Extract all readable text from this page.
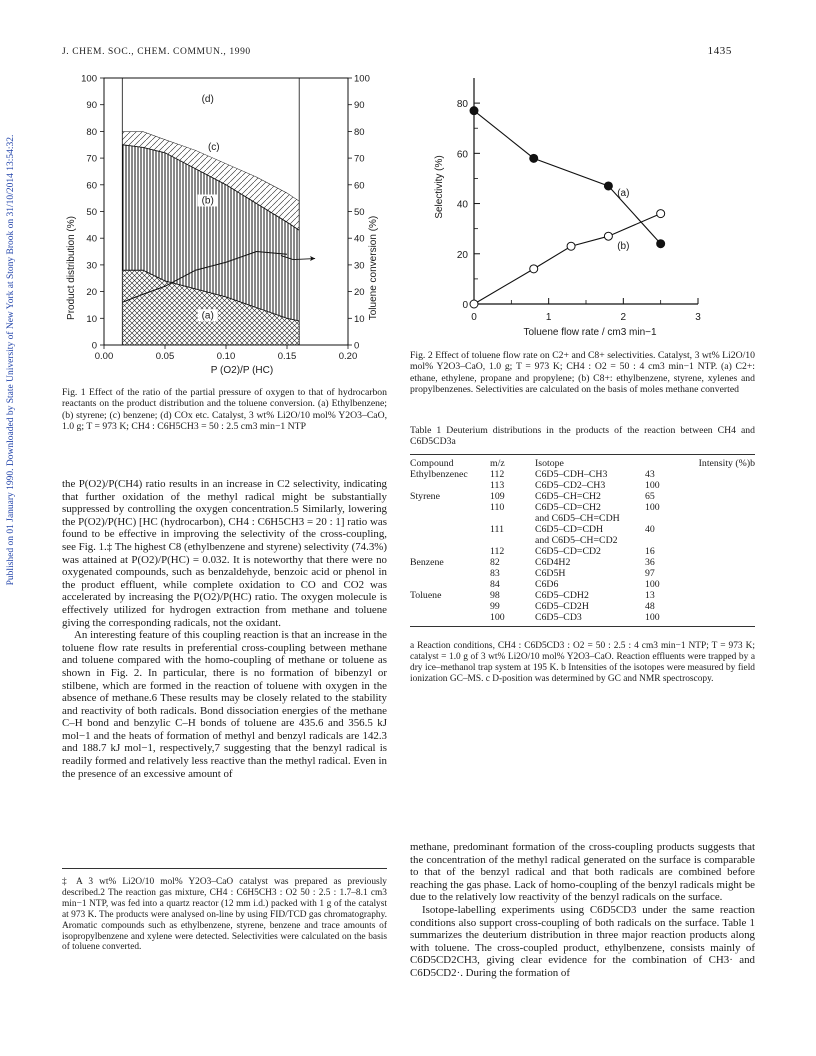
J. CHEM. SOC., CHEM. COMMUN., 1990	1435
Published on 01 January 1990. Downloaded by State University of New York at Stony Brook on 31/10/2014 13:54:32.	0	0
10	10
20	20
30	30
40	40
50	50
60	60
70	70
80	80
90	90
100	100
0.00	0.05	0.10	0.15	0.20
(a)
(b)
(c)
(d)
Product distribution (%)	Toluene conversion (%)
P (O2)/P (HC)
Fig. 1 Effect of the ratio of the partial pressure of oxygen to that of hydrocarbon reactants on the product distribution and the toluene conversion. (a) Ethylbenzene; (b) styrene; (c) benzene; (d) COx etc. Catalyst, 3 wt% Li2O/10 mol% Y2O3–CaO, 1.0 g; T = 973 K; CH4 : C6H5CH3 = 50 : 2.5 cm3 min−1 NTP
0
20
40
60
80
0	1	2	3
(a)
(b)
Selectivity (%)
Toluene flow rate / cm3 min−1
Fig. 2 Effect of toluene flow rate on C2+ and C8+ selectivities. Catalyst, 3 wt% Li2O/10 mol% Y2O3–CaO, 1.0 g; T = 973 K; CH4 : O2 = 50 : 4 cm3 min−1 NTP. (a) C2+: ethane, ethylene, propane and propylene; (b) C8+: ethylbenzene, styrene, xylenes and propylbenzenes. Selectivities are calculated on the basis of moles methane converted
Table 1 Deuterium distributions in the products of the reaction between CH4 and C6D5CD3a
Compound	m/z	Isotope	Intensity (%)b
Ethylbenzenec	112	C6D5–CDH–CH3	43
	113	C6D5–CD2–CH3	100
Styrene	109	C6D5–CH=CH2	65
	110	C6D5–CD=CH2	100
		and C6D5–CH=CDH	
	111	C6D5–CD=CDH	40
		and C6D5–CH=CD2	
	112	C6D5–CD=CD2	16
Benzene	82	C6D4H2	36
	83	C6D5H	97
	84	C6D6	100
Toluene	98	C6D5–CDH2	13
	99	C6D5–CD2H	48
	100	C6D5–CD3	100
a Reaction conditions, CH4 : C6D5CD3 : O2 = 50 : 2.5 : 4 cm3 min−1 NTP; T = 973 K; catalyst = 1.0 g of 3 wt% Li2O/10 mol% Y2O3–CaO. Reaction effluents were trapped by a dry ice–methanol trap system at 195 K. b Intensities of the isotopes were measured by field ionization GC–MS. c D-position was determined by GC and NMR spectroscopy.

the P(O2)/P(CH4) ratio results in an increase in C2 selectivity, indicating that further oxidation of the methyl radical might be substantially suppressed by controlling the oxygen concentration.5 Similarly, lowering the P(O2)/P(HC) [HC (hydrocarbon), CH4 : C6H5CH3 = 20 : 1] ratio was found to be effective in improving the selectivity of the cross-coupling, see Fig. 1.‡ The highest C8 (ethylbenzene and styrene) selectivity (74.3%) was attained at P(O2)/P(HC) = 0.032. It is noteworthy that there were no oxygenated compounds, such as benzaldehyde, benzoic acid or phenol in the product effluent, while complete oxidation to CO and CO2 was accelerated by increasing the P(O2)/P(HC) ratio. The oxygen molecule is effectively utilized for hydrogen extraction from methane and toluene giving the corresponding radicals, not the oxidant.

An interesting feature of this coupling reaction is that an increase in the toluene flow rate results in preferential cross-coupling between methane and toluene compared with the homo-coupling of methane or toluene as shown in Fig. 2. In particular, there is no formation of bibenzyl or stilbene, which are formed in the reaction of toluene with oxygen in the absence of methane.6 These results may be closely related to the stability and reactivity of both radicals. Bond dissociation energies of the methane C–H bond and benzylic C–H bonds of toluene are 435.6 and 356.5 kJ mol−1 and the heats of formation of methyl and benzyl radicals are 142.3 and 188.7 kJ mol−1, respectively,7 suggesting that the benzyl radical is readily formed and relatively less reactive than the methyl radical. Even in the presence of an excessive amount of

‡ A 3 wt% Li2O/10 mol% Y2O3–CaO catalyst was prepared as previously described.2 The reaction gas mixture, CH4 : C6H5CH3 : O2 50 : 2.5 : 1.7–8.1 cm3 min−1 NTP, was fed into a quartz reactor (12 mm i.d.) packed with 1 g of the catalyst at 973 K. The products were analysed on-line by using FID/TCD gas chromatography. Aromatic compounds such as ethylbenzene, styrene, benzene and trace amounts of isopropylbenzene and xylene were detected. Selectivities were calculated on the basis of toluene converted.

methane, predominant formation of the cross-coupling products suggests that the concentration of the methyl radical generated on the surface is comparable to that of the benzyl radical and that both radicals are combined before reaching the gas phase. Lack of homo-coupling of the benzyl radicals might be due to the relatively low reactivity of the benzyl radicals on the surface.

Isotope-labelling experiments using C6D5CD3 under the same reaction conditions also support cross-coupling of both radicals on the surface. Table 1 summarizes the deuterium distribution in three major reaction products along with toluene. The cross-coupled product, ethylbenzene, consists mainly of C6D5CD2CH3, giving clear evidence for the combination of CH3· and C6D5CD2·. During the formation of
